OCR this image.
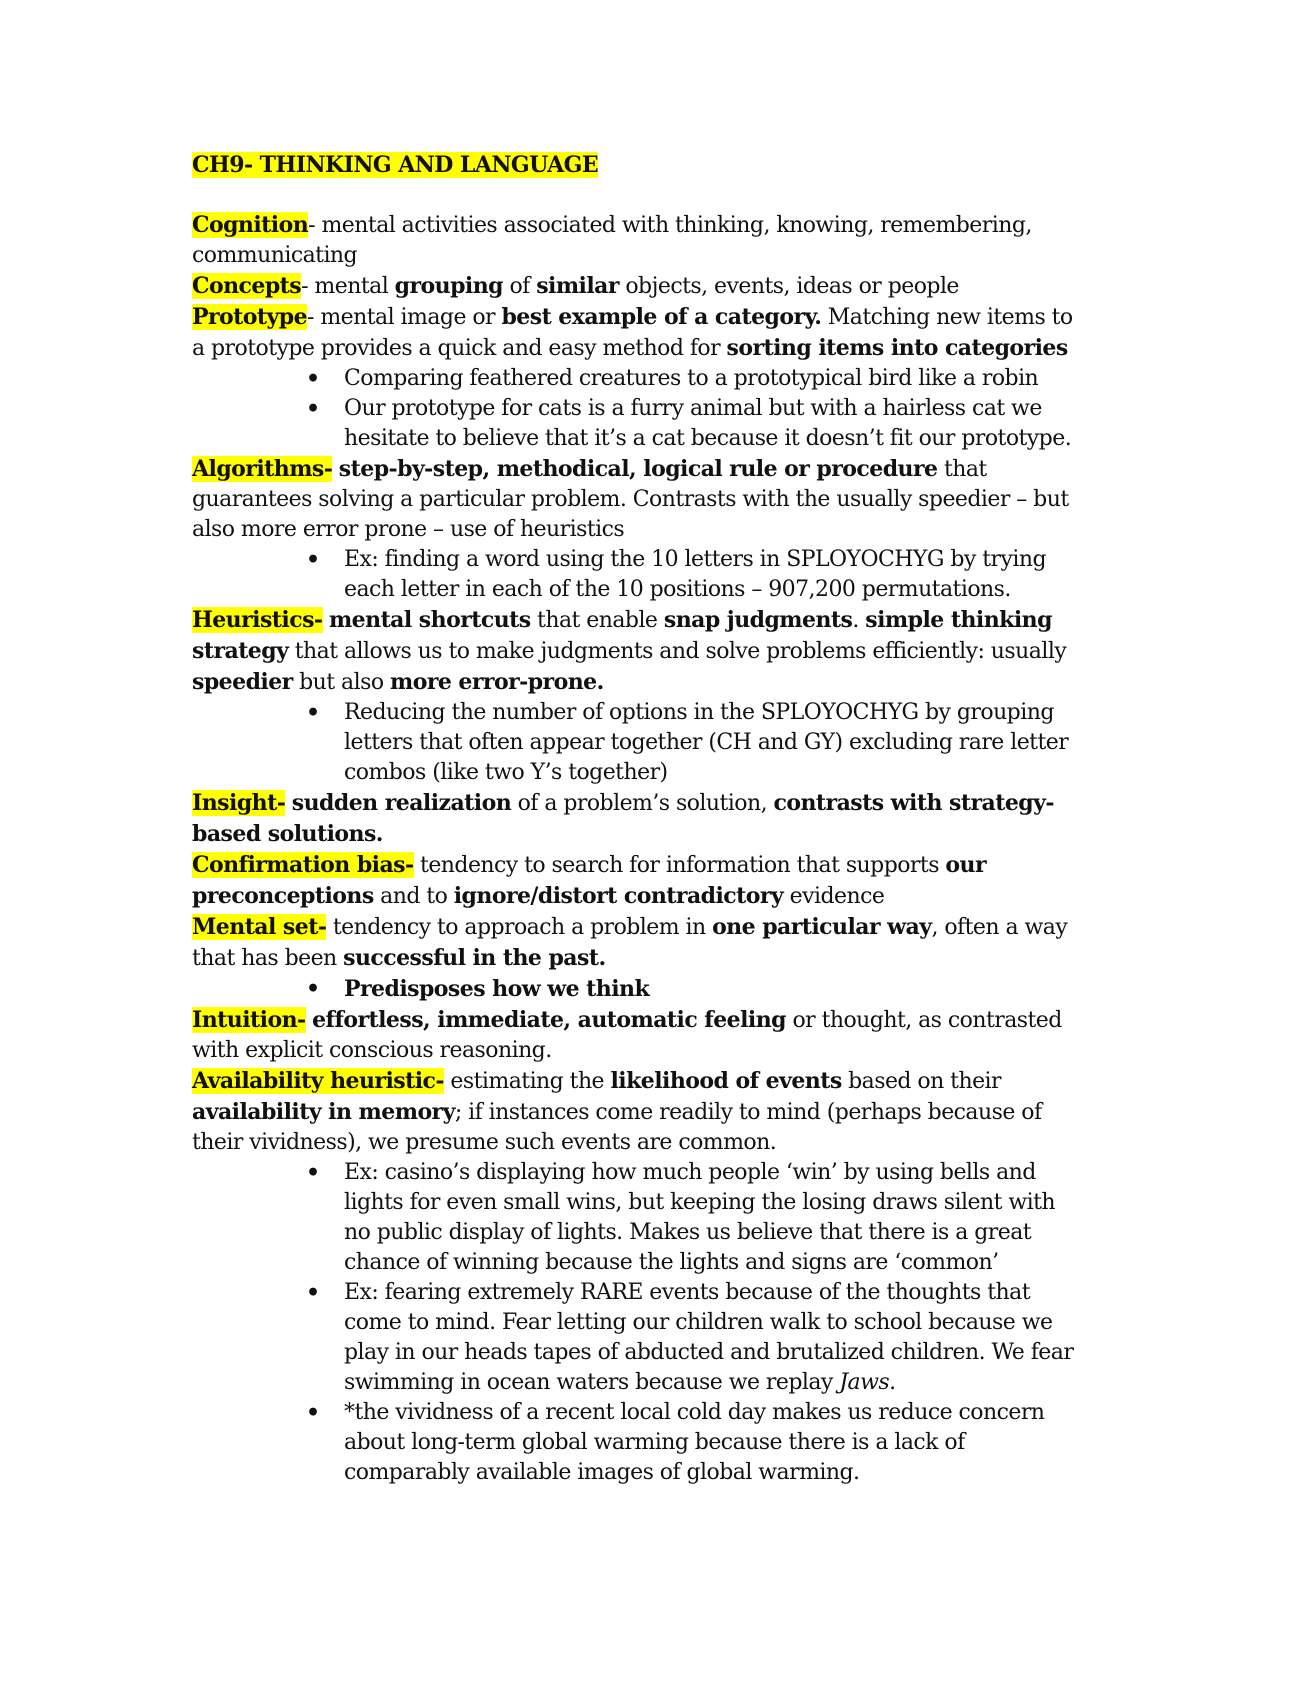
CH9- THINKING AND LANGUAGE

Cognition- mental activities associated with thinking, knowing, remembering, communicating

Concepts- mental grouping of similar objects, events, ideas or people

Prototype- mental image or best example of a category. Matching new items to a prototype provides a quick and easy method for sorting items into categories

• Comparing feathered creatures to a prototypical bird like a robin
• Our prototype for cats is a furry animal but with a hairless cat we hesitate to believe that it’s a cat because it doesn’t fit our prototype.

Algorithms- step-by-step, methodical, logical rule or procedure that guarantees solving a particular problem. Contrasts with the usually speedier – but also more error prone – use of heuristics

• Ex: finding a word using the 10 letters in SPLOYOCHYG by trying each letter in each of the 10 positions – 907,200 permutations.

Heuristics- mental shortcuts that enable snap judgments. simple thinking strategy that allows us to make judgments and solve problems efficiently: usually speedier but also more error-prone.

• Reducing the number of options in the SPLOYOCHYG by grouping letters that often appear together (CH and GY) excluding rare letter combos (like two Y’s together)

Insight- sudden realization of a problem’s solution, contrasts with strategy-based solutions.

Confirmation bias- tendency to search for information that supports our preconceptions and to ignore/distort contradictory evidence

Mental set- tendency to approach a problem in one particular way, often a way that has been successful in the past.

• Predisposes how we think

Intuition- effortless, immediate, automatic feeling or thought, as contrasted with explicit conscious reasoning.

Availability heuristic- estimating the likelihood of events based on their availability in memory; if instances come readily to mind (perhaps because of their vividness), we presume such events are common.

• Ex: casino’s displaying how much people ‘win’ by using bells and lights for even small wins, but keeping the losing draws silent with no public display of lights. Makes us believe that there is a great chance of winning because the lights and signs are ‘common’
• Ex: fearing extremely RARE events because of the thoughts that come to mind. Fear letting our children walk to school because we play in our heads tapes of abducted and brutalized children. We fear swimming in ocean waters because we replay Jaws.
• *the vividness of a recent local cold day makes us reduce concern about long-term global warming because there is a lack of comparably available images of global warming.
